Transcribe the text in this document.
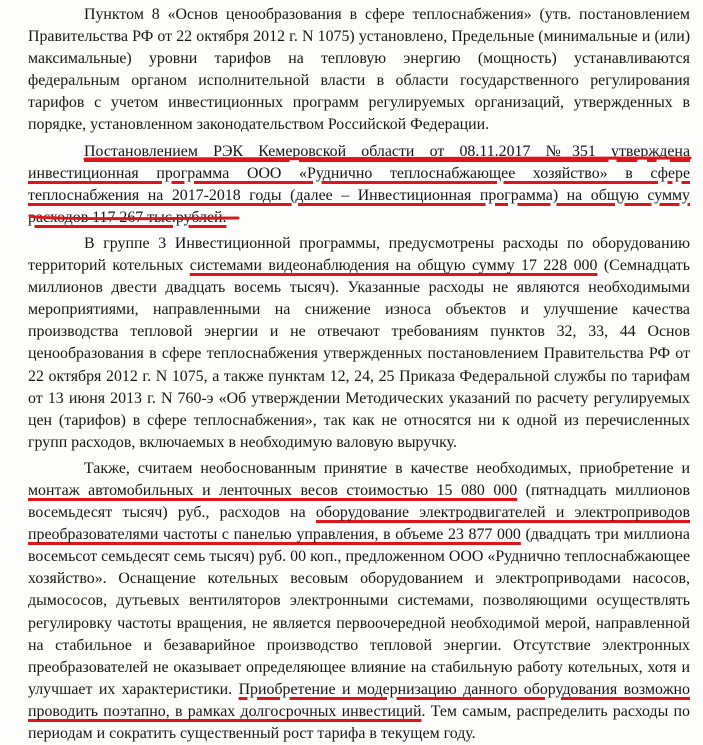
Пунктом 8 «Основ ценообразования в сфере теплоснабжения» (утв. постановлением Правительства РФ от 22 октября 2012 г. N 1075) установлено, Предельные (минимальные и (или) максимальные) уровни тарифов на тепловую энергию (мощность) устанавливаются федеральным органом исполнительной власти в области государственного регулирования тарифов с учетом инвестиционных программ регулируемых организаций, утвержденных в порядке, установленном законодательством Российской Федерации.

Постановлением РЭК Кемеровской области от 08.11.2017 №351 утверждена инвестиционная программа ООО «Руднично теплоснабжающее хозяйство» в сфере теплоснабжения на 2017-2018 годы (далее – Инвестиционная программа) на общую сумму расходов 117 267 тыс.рублей.

В группе 3 Инвестиционной программы, предусмотрены расходы по оборудованию территорий котельных системами видеонаблюдения на общую сумму 17 228 000 (Семнадцать миллионов двести двадцать восемь тысяч). Указанные расходы не являются необходимыми мероприятиями, направленными на снижение износа объектов и улучшение качества производства тепловой энергии и не отвечают требованиям пунктов 32, 33, 44 Основ ценообразования в сфере теплоснабжения утвержденных постановлением Правительства РФ от 22 октября 2012 г. N 1075, а также пунктам 12, 24, 25 Приказа Федеральной службы по тарифам от 13 июня 2013 г. N 760-э «Об утверждении Методических указаний по расчету регулируемых цен (тарифов) в сфере теплоснабжения», так как не относятся ни к одной из перечисленных групп расходов, включаемых в необходимую валовую выручку.

Также, считаем необоснованным принятие в качестве необходимых, приобретение и монтаж автомобильных и ленточных весов стоимостью 15 080 000 (пятнадцать миллионов восемьдесят тысяч) руб., расходов на оборудование электродвигателей и электроприводов преобразователями частоты с панелью управления, в объеме 23 877 000 (двадцать три миллиона восемьсот семьдесят семь тысяч) руб. 00 коп., предложенном ООО «Руднично теплоснабжающее хозяйство». Оснащение котельных весовым оборудованием и электроприводами насосов, дымососов, дутьевых вентиляторов электронными системами, позволяющими осуществлять регулировку частоты вращения, не является первоочередной необходимой мерой, направленной на стабильное и безаварийное производство тепловой энергии. Отсутствие электронных преобразователей не оказывает определяющее влияние на стабильную работу котельных, хотя и улучшает их характеристики. Приобретение и модернизацию данного оборудования возможно проводить поэтапно, в рамках долгосрочных инвестиций. Тем самым, распределить расходы по периодам и сократить существенный рост тарифа в текущем году.
